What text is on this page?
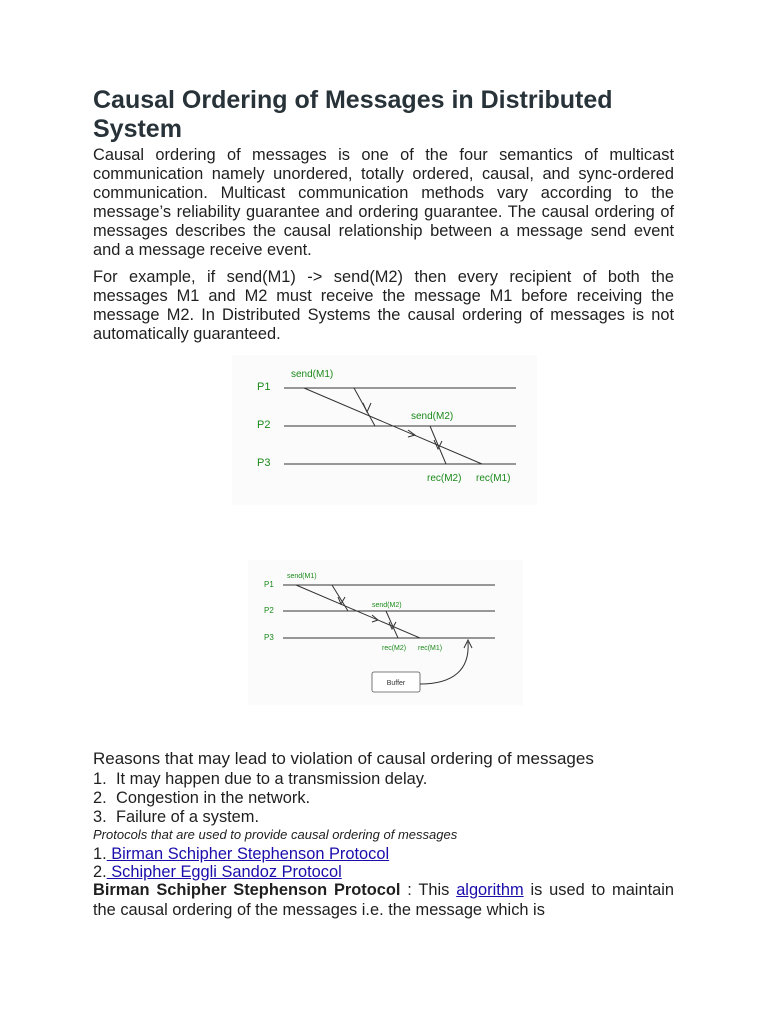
Causal Ordering of Messages in Distributed System

Causal ordering of messages is one of the four semantics of multicast communication namely unordered, totally ordered, causal, and sync-ordered communication. Multicast communication methods vary according to the message’s reliability guarantee and ordering guarantee. The causal ordering of messages describes the causal relationship between a message send event and a message receive event.

For example, if send(M1) -> send(M2) then every recipient of both the messages M1 and M2 must receive the message M1 before receiving the message M2. In Distributed Systems the causal ordering of messages is not automatically guaranteed.

P1
P2
P3
send(M1)
send(M2)
rec(M2) rec(M1)
P1
P2
P3
send(M1)
send(M2)
rec(M2) rec(M1)
Buffer
Reasons that may lead to violation of causal ordering of messages
1. It may happen due to a transmission delay.
2. Congestion in the network.
3. Failure of a system.
Protocols that are used to provide causal ordering of messages
1. Birman Schipher Stephenson Protocol
2. Schipher Eggli Sandoz Protocol
Birman Schipher Stephenson Protocol : This algorithm is used to maintain the causal ordering of the messages i.e. the message which is
